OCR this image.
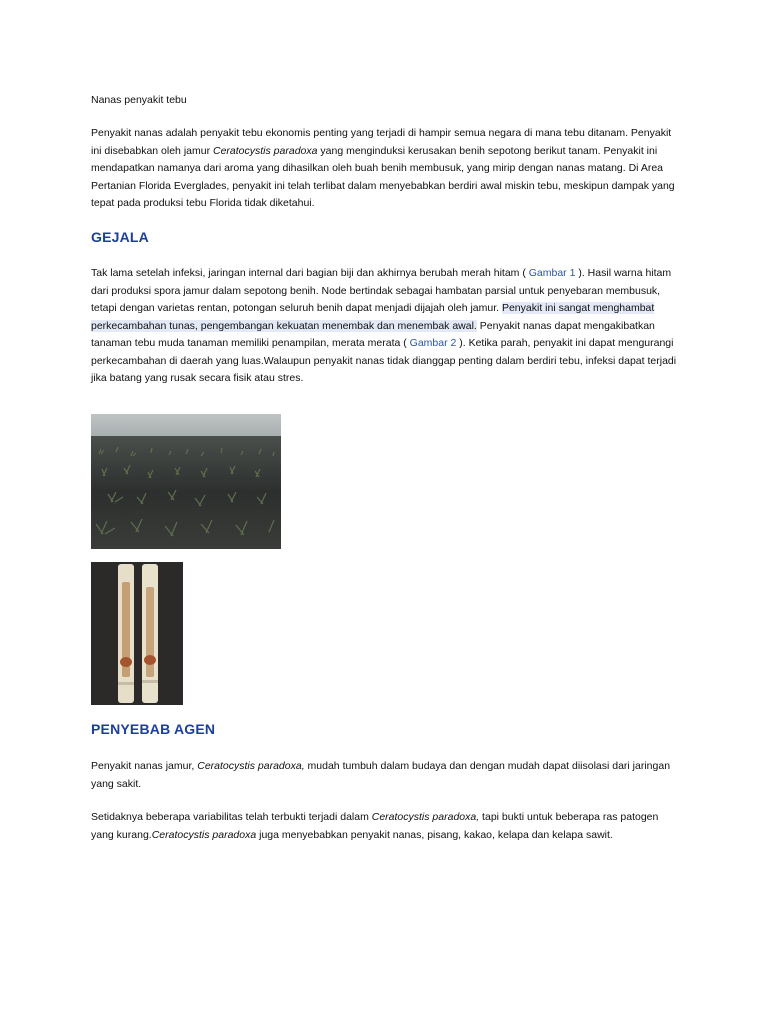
Nanas penyakit tebu

Penyakit nanas adalah penyakit tebu ekonomis penting yang terjadi di hampir semua negara di mana tebu ditanam. Penyakit ini disebabkan oleh jamur Ceratocystis paradoxa yang menginduksi kerusakan benih sepotong berikut tanam. Penyakit ini mendapatkan namanya dari aroma yang dihasilkan oleh buah benih membusuk, yang mirip dengan nanas matang. Di Area Pertanian Florida Everglades, penyakit ini telah terlibat dalam menyebabkan berdiri awal miskin tebu, meskipun dampak yang tepat pada produksi tebu Florida tidak diketahui.

GEJALA

Tak lama setelah infeksi, jaringan internal dari bagian biji dan akhirnya berubah merah hitam ( Gambar 1 ). Hasil warna hitam dari produksi spora jamur dalam sepotong benih. Node bertindak sebagai hambatan parsial untuk penyebaran membusuk, tetapi dengan varietas rentan, potongan seluruh benih dapat menjadi dijajah oleh jamur. Penyakit ini sangat menghambat perkecambahan tunas, pengembangan kekuatan menembak dan menembak awal. Penyakit nanas dapat mengakibatkan tanaman tebu muda tanaman memiliki penampilan, merata merata ( Gambar 2 ). Ketika parah, penyakit ini dapat mengurangi perkecambahan di daerah yang luas.Walaupun penyakit nanas tidak dianggap penting dalam berdiri tebu, infeksi dapat terjadi jika batang yang rusak secara fisik atau stres.

PENYEBAB AGEN

Penyakit nanas jamur, Ceratocystis paradoxa, mudah tumbuh dalam budaya dan dengan mudah dapat diisolasi dari jaringan yang sakit.

Setidaknya beberapa variabilitas telah terbukti terjadi dalam Ceratocystis paradoxa, tapi bukti untuk beberapa ras patogen yang kurang.Ceratocystis paradoxa juga menyebabkan penyakit nanas, pisang, kakao, kelapa dan kelapa sawit.
